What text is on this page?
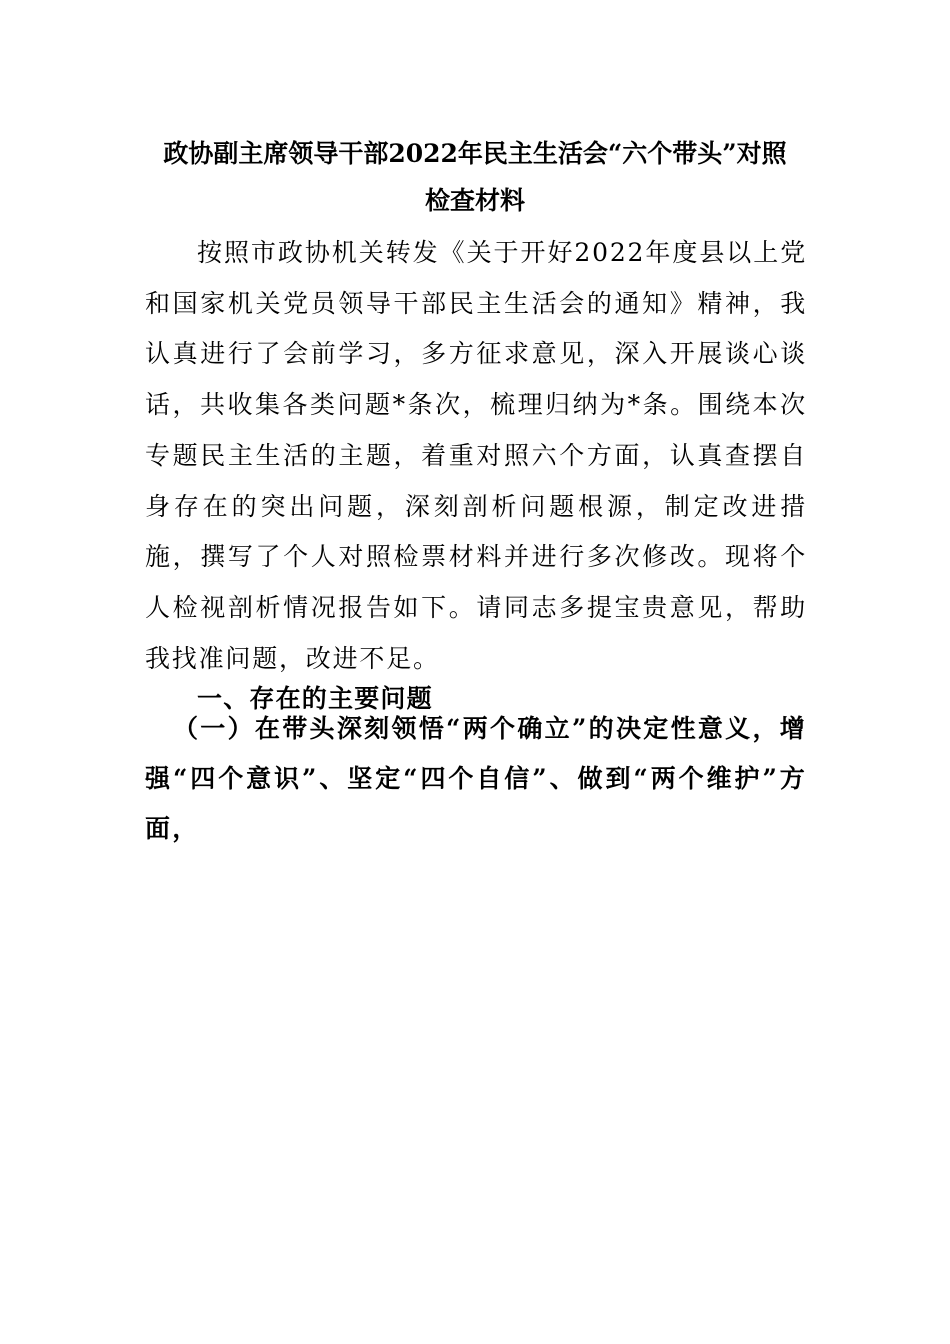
政协副主席领导干部2022年民主生活会“六个带头”对照
检查材料

按照市政协机关转发《关于开好2022年度县以上党和国家机关党员领导干部民主生活会的通知》精神，我认真进行了会前学习，多方征求意见，深入开展谈心谈话，共收集各类问题*条次，梳理归纳为*条。围绕本次专题民主生活的主题，着重对照六个方面，认真查摆自身存在的突出问题，深刻剖析问题根源，制定改进措施，撰写了个人对照检票材料并进行多次修改。现将个人检视剖析情况报告如下。请同志多提宝贵意见，帮助我找准问题，改进不足。

一、存在的主要问题

（一）在带头深刻领悟“两个确立”的决定性意义，增强“四个意识”、坚定“四个自信”、做到“两个维护”方面，
